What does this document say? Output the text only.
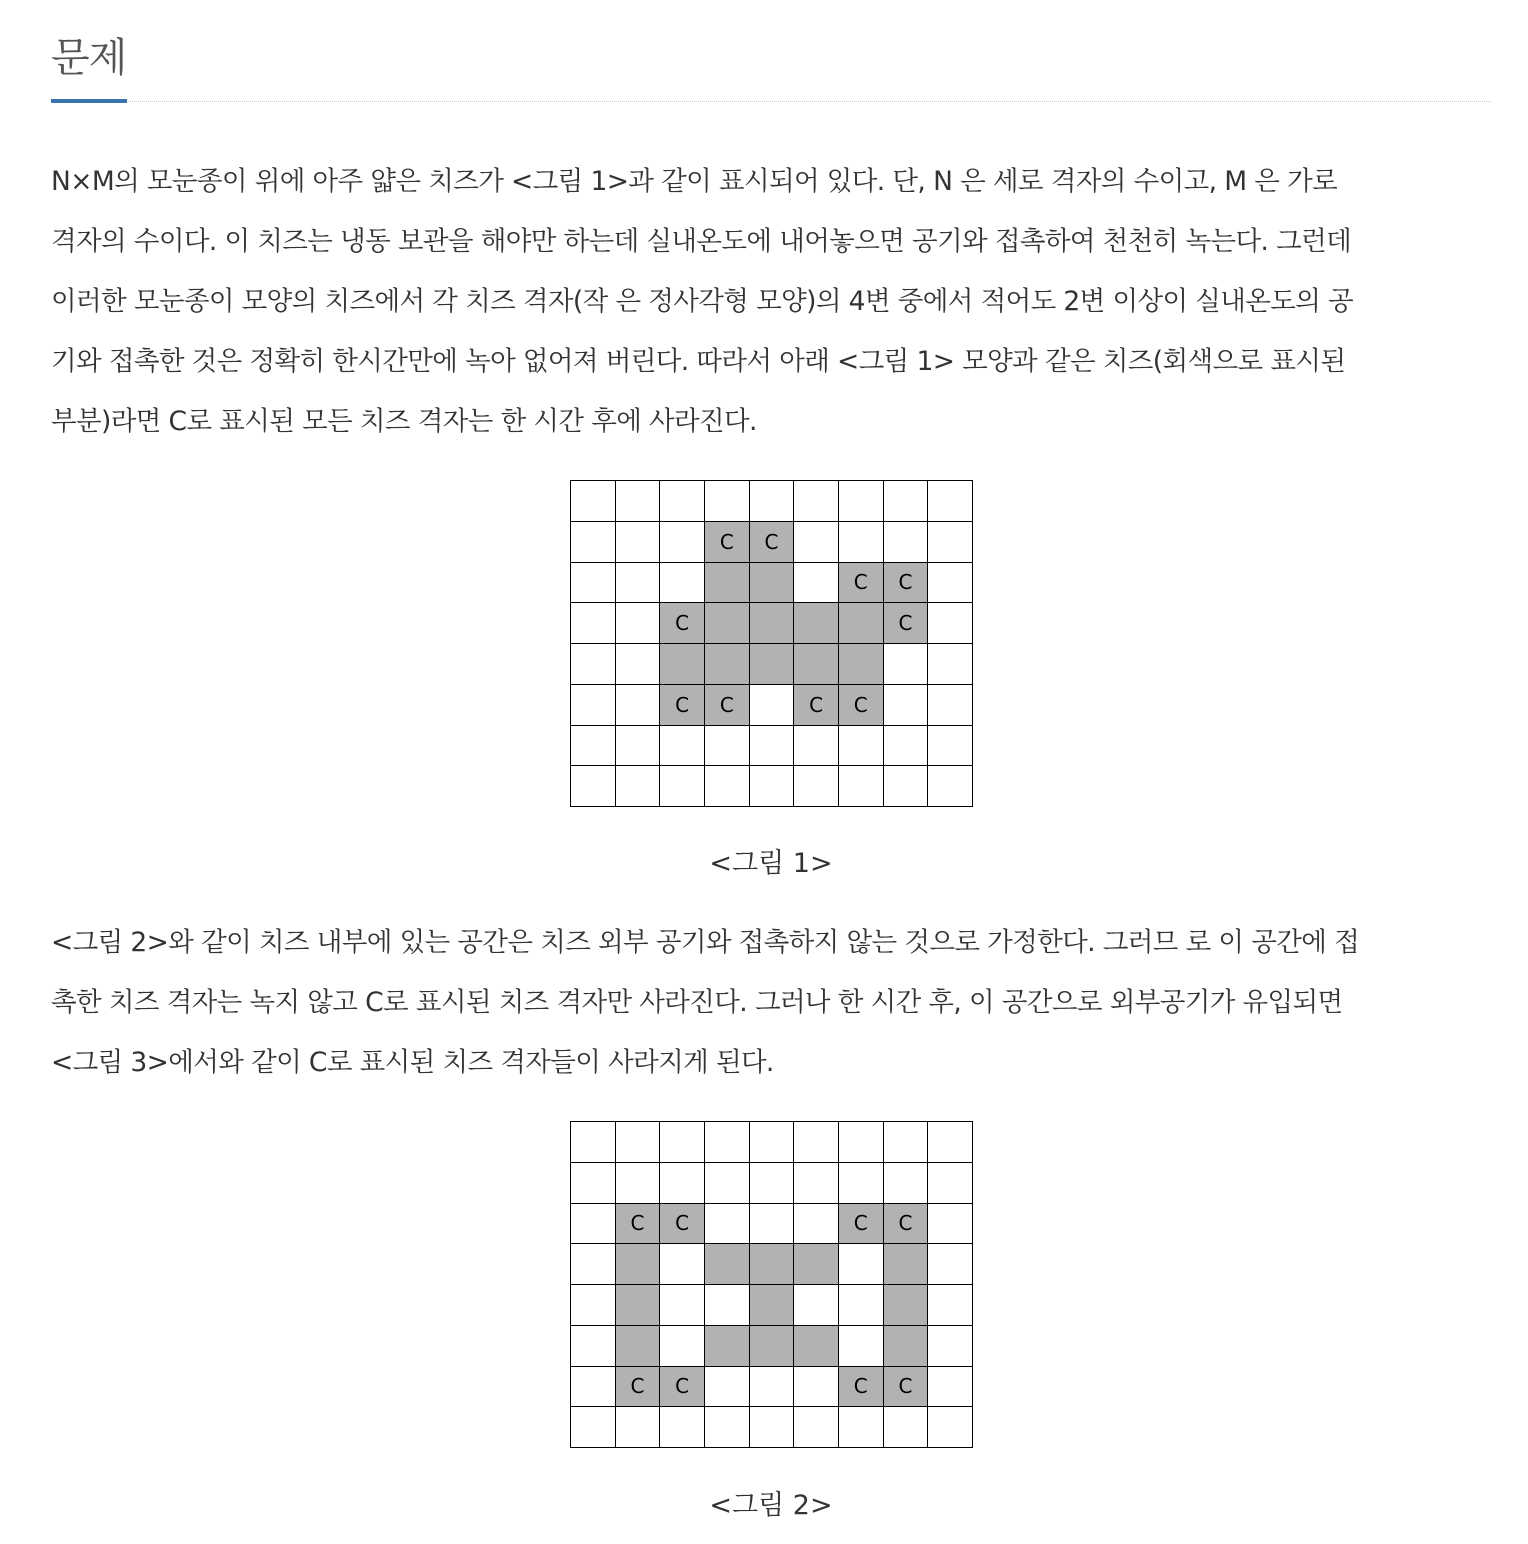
문제
N×M의 모눈종이 위에 아주 얇은 치즈가 <그림 1>과 같이 표시되어 있다. 단, N 은 세로 격자의 수이고, M 은 가로
격자의 수이다. 이 치즈는 냉동 보관을 해야만 하는데 실내온도에 내어놓으면 공기와 접촉하여 천천히 녹는다. 그런데
이러한 모눈종이 모양의 치즈에서 각 치즈 격자(작 은 정사각형 모양)의 4변 중에서 적어도 2변 이상이 실내온도의 공
기와 접촉한 것은 정확히 한시간만에 녹아 없어져 버린다. 따라서 아래 <그림 1> 모양과 같은 치즈(회색으로 표시된
부분)라면 C로 표시된 모든 치즈 격자는 한 시간 후에 사라진다.
C	C
C	C
C	C
C	C	C	C
<그림 1>
<그림 2>와 같이 치즈 내부에 있는 공간은 치즈 외부 공기와 접촉하지 않는 것으로 가정한다. 그러므 로 이 공간에 접
촉한 치즈 격자는 녹지 않고 C로 표시된 치즈 격자만 사라진다. 그러나 한 시간 후, 이 공간으로 외부공기가 유입되면
<그림 3>에서와 같이 C로 표시된 치즈 격자들이 사라지게 된다.
C	C	C	C
C	C	C	C
<그림 2>
